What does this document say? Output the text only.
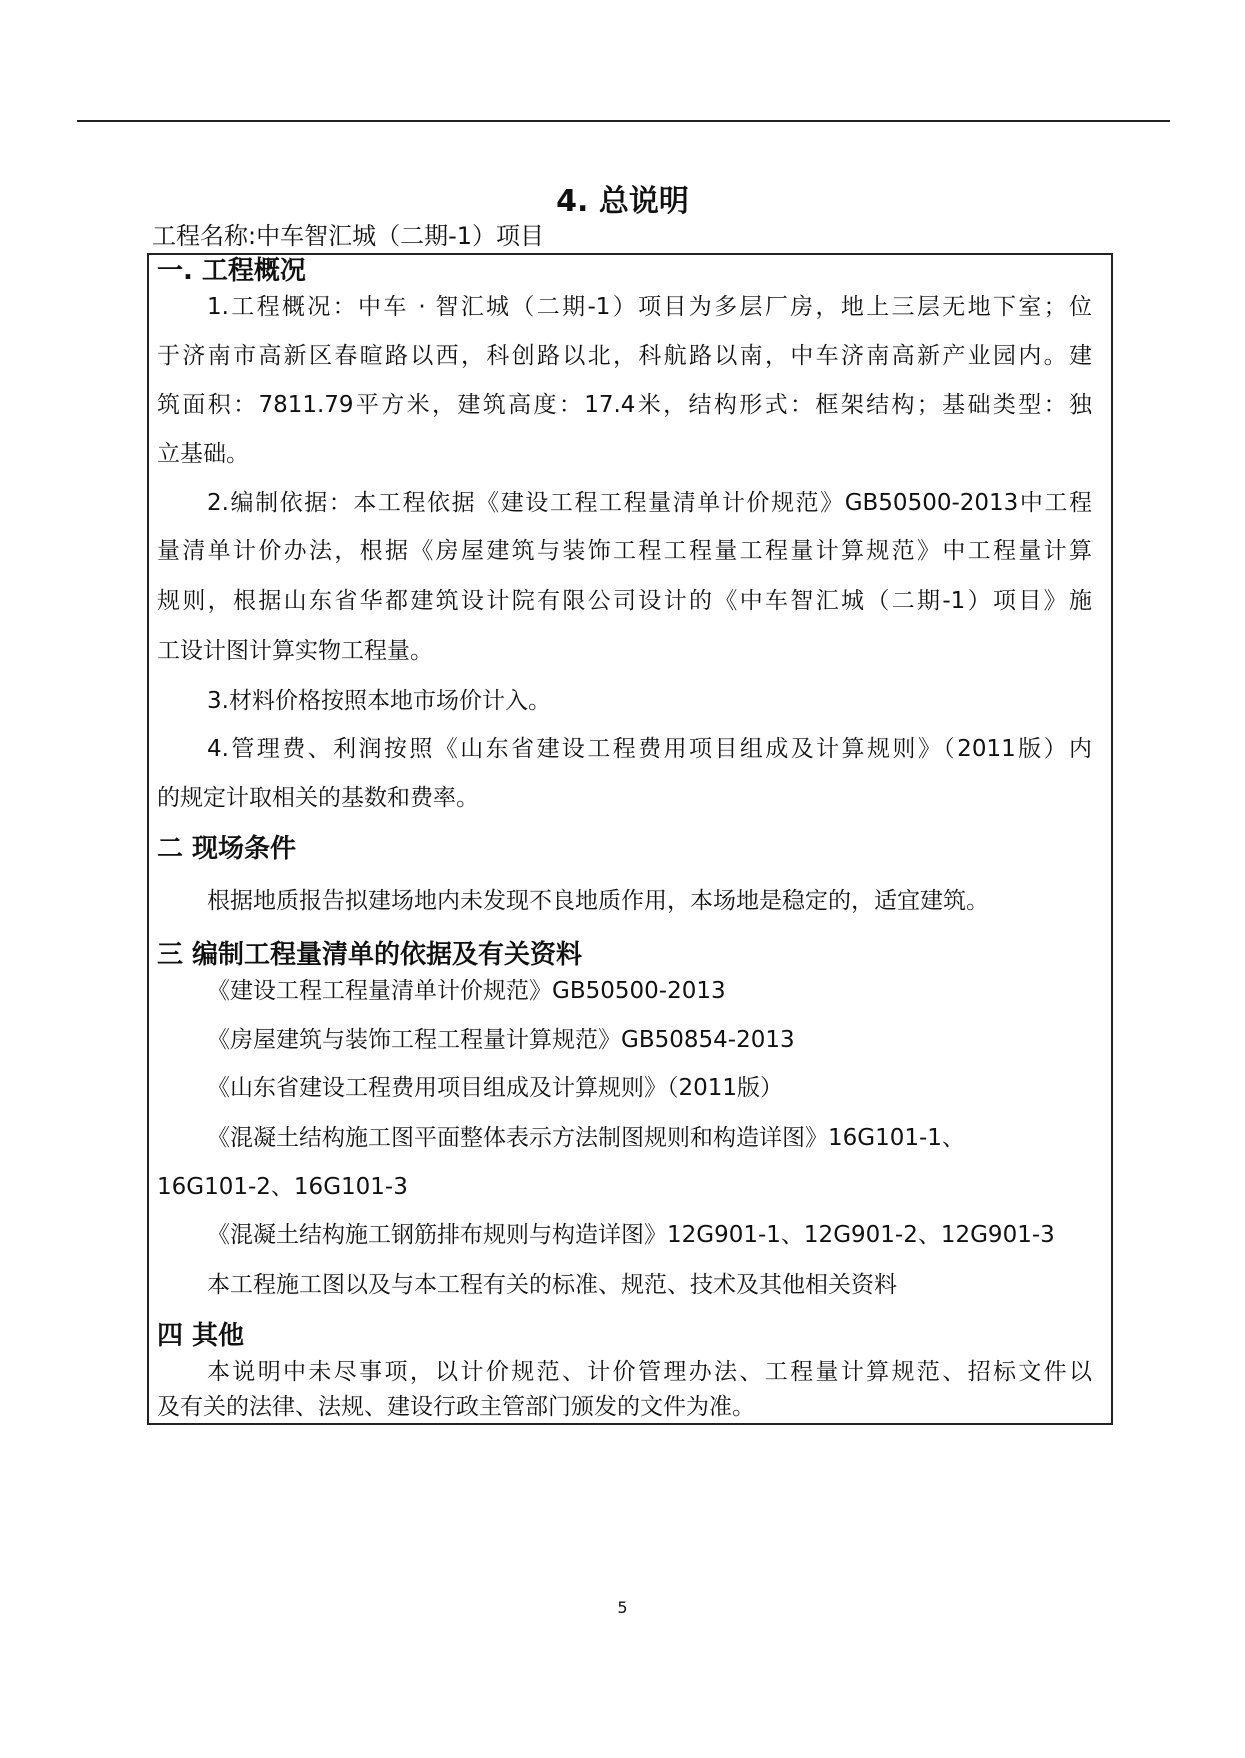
4. 总说明
工程名称:中车智汇城（二期-1）项目
一. 工程概况
1.工程概况：中车 · 智汇城（二期-1）项目为多层厂房，地上三层无地下室；位
于济南市高新区春暄路以西，科创路以北，科航路以南，中车济南高新产业园内。建
筑面积：7811.79平方米，建筑高度：17.4米，结构形式：框架结构；基础类型：独
立基础。
2.编制依据：本工程依据《建设工程工程量清单计价规范》GB50500-2013中工程
量清单计价办法，根据《房屋建筑与装饰工程工程量工程量计算规范》中工程量计算
规则，根据山东省华都建筑设计院有限公司设计的《中车智汇城（二期-1）项目》施
工设计图计算实物工程量。
3.材料价格按照本地市场价计入。
4.管理费、利润按照《山东省建设工程费用项目组成及计算规则》（2011版）内
的规定计取相关的基数和费率。
二 现场条件
根据地质报告拟建场地内未发现不良地质作用，本场地是稳定的，适宜建筑。
三 编制工程量清单的依据及有关资料
《建设工程工程量清单计价规范》GB50500-2013
《房屋建筑与装饰工程工程量计算规范》GB50854-2013
《山东省建设工程费用项目组成及计算规则》（2011版）
《混凝土结构施工图平面整体表示方法制图规则和构造详图》16G101-1、
16G101-2、16G101-3
《混凝土结构施工钢筋排布规则与构造详图》12G901-1、12G901-2、12G901-3
本工程施工图以及与本工程有关的标准、规范、技术及其他相关资料
四 其他
本说明中未尽事项，以计价规范、计价管理办法、工程量计算规范、招标文件以
及有关的法律、法规、建设行政主管部门颁发的文件为准。
5
